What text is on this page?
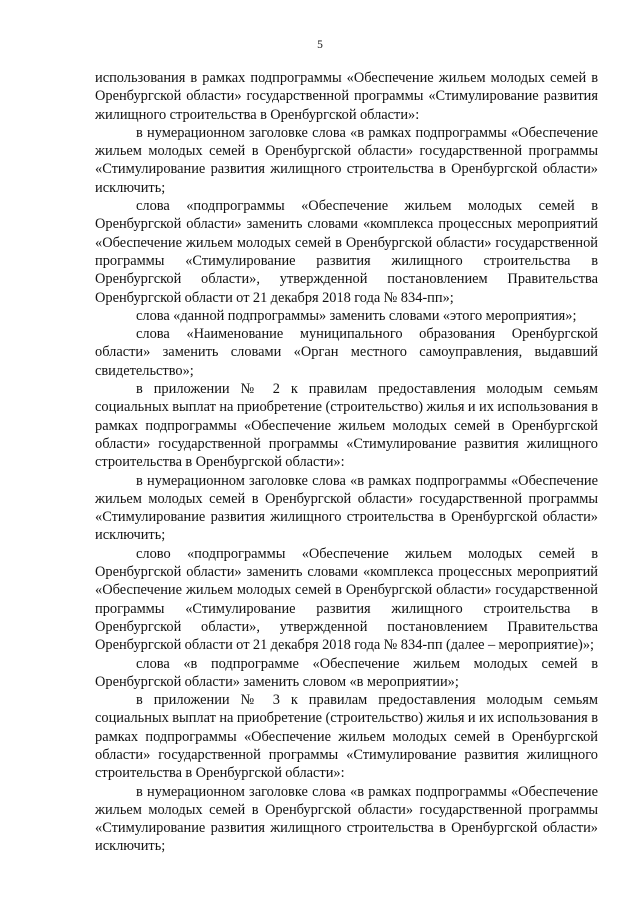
5

использования в рамках подпрограммы «Обеспечение жильем молодых семей в Оренбургской области» государственной программы «Стимулирование развития жилищного строительства в Оренбургской области»:

в нумерационном заголовке слова «в рамках подпрограммы «Обеспечение жильем молодых семей в Оренбургской области» государственной программы «Стимулирование развития жилищного строительства в Оренбургской области» исключить;

слова «подпрограммы «Обеспечение жильем молодых семей в Оренбургской области» заменить словами «комплекса процессных мероприятий «Обеспечение жильем молодых семей в Оренбургской области» государственной программы «Стимулирование развития жилищного строительства в Оренбургской области», утвержденной постановлением Правительства Оренбургской области от 21 декабря 2018 года № 834-пп»;

слова «данной подпрограммы» заменить словами «этого мероприятия»;

слова «Наименование муниципального образования Оренбургской области» заменить словами «Орган местного самоуправления, выдавший свидетельство»;

в приложении № 2 к правилам предоставления молодым семьям социальных выплат на приобретение (строительство) жилья и их использования в рамках подпрограммы «Обеспечение жильем молодых семей в Оренбургской области» государственной программы «Стимулирование развития жилищного строительства в Оренбургской области»:

в нумерационном заголовке слова «в рамках подпрограммы «Обеспечение жильем молодых семей в Оренбургской области» государственной программы «Стимулирование развития жилищного строительства в Оренбургской области» исключить;

слово «подпрограммы «Обеспечение жильем молодых семей в Оренбургской области» заменить словами «комплекса процессных мероприятий «Обеспечение жильем молодых семей в Оренбургской области» государственной программы «Стимулирование развития жилищного строительства в Оренбургской области», утвержденной постановлением Правительства Оренбургской области от 21 декабря 2018 года № 834-пп (далее – мероприятие)»;

слова «в подпрограмме «Обеспечение жильем молодых семей в Оренбургской области» заменить словом «в мероприятии»;

в приложении № 3 к правилам предоставления молодым семьям социальных выплат на приобретение (строительство) жилья и их использования в рамках подпрограммы «Обеспечение жильем молодых семей в Оренбургской области» государственной программы «Стимулирование развития жилищного строительства в Оренбургской области»:

в нумерационном заголовке слова «в рамках подпрограммы «Обеспечение жильем молодых семей в Оренбургской области» государственной программы «Стимулирование развития жилищного строительства в Оренбургской области» исключить;
